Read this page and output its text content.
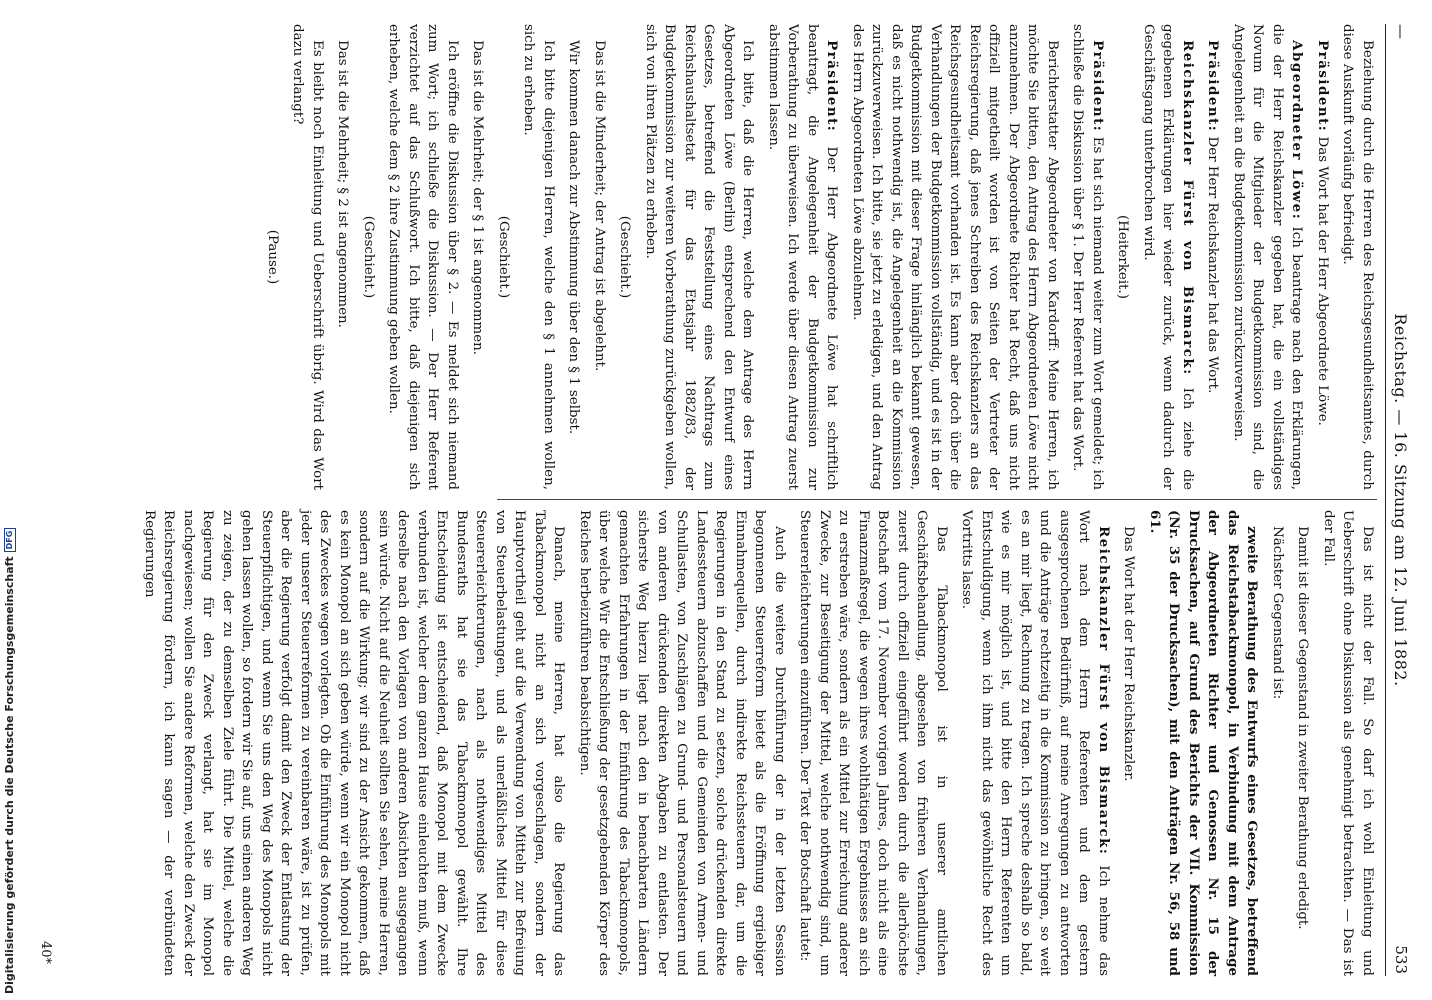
—
Reichstag. — 16. Sitzung am 12. Juni 1882.
533

Beziehung durch die Herren des Reichsgesundheitsamtes, durch diese Auskunft vorläufig befriedigt.

Präsident: Das Wort hat der Herr Abgeordnete Löwe.

Abgeordneter Löwe: Ich beantrage nach den Erklärungen, die der Herr Reichskanzler gegeben hat, die ein vollständiges Novum für die Mitglieder der Budgetkommission sind, die Angelegenheit an die Budgetkommission zurückzuverweisen.

Präsident: Der Herr Reichskanzler hat das Wort.

Reichskanzler Fürst von Bismarck: Ich ziehe die gegebenen Erklärungen hier wieder zurück, wenn dadurch der Geschäftsgang unterbrochen wird.

(Heiterkeit.)

Präsident: Es hat sich niemand weiter zum Wort gemeldet; ich schließe die Diskussion über § 1. Der Herr Referent hat das Wort.

Berichterstatter Abgeordneter von Kardorff: Meine Herren, ich möchte Sie bitten, den Antrag des Herrn Abgeordneten Löwe nicht anzunehmen. Der Abgeordnete Richter hat Recht, daß uns nicht offiziell mitgetheilt worden ist von Seiten der Vertreter der Reichsregierung, daß jenes Schreiben des Reichskanzlers an das Reichsgesundheitsamt vorhanden ist. Es kann aber doch über die Verhandlungen der Budgetkommission vollständig, und es ist in der Budgetkommission mit dieser Frage hinlänglich bekannt gewesen, daß es nicht nothwendig ist, die Angelegenheit an die Kommission zurückzuverweisen. Ich bitte, sie jetzt zu erledigen, und den Antrag des Herrn Abgeordneten Löwe abzulehnen.

Präsident: Der Herr Abgeordnete Löwe hat schriftlich beantragt, die Angelegenheit der Budgetkommission zur Vorberathung zu überweisen. Ich werde über diesen Antrag zuerst abstimmen lassen.

Ich bitte, daß die Herren, welche dem Antrage des Herrn Abgeordneten Löwe (Berlin) entsprechend den Entwurf eines Gesetzes, betreffend die Feststellung eines Nachtrags zum Reichshaushaltsetat für das Etatsjahr 1882/83, der Budgetkommission zur weiteren Vorberathung zurückgeben wollen, sich von ihren Plätzen zu erheben.

(Geschieht.)

Das ist die Minderheit; der Antrag ist abgelehnt.

Wir kommen danach zur Abstimmung über den § 1 selbst.

Ich bitte diejenigen Herren, welche den § 1 annehmen wollen, sich zu erheben.

(Geschieht.)

Das ist die Mehrheit; der § 1 ist angenommen.

Ich eröffne die Diskussion über § 2. — Es meldet sich niemand zum Wort; ich schließe die Diskussion. — Der Herr Referent verzichtet auf das Schlußwort. Ich bitte, daß diejenigen sich erheben, welche dem § 2 ihre Zustimmung geben wollen.

(Geschieht.)

Das ist die Mehrheit; § 2 ist angenommen.

Es bleibt noch Einleitung und Ueberschrift übrig. Wird das Wort dazu verlangt?

(Pause.)

Das ist nicht der Fall. So darf ich wohl Einleitung und Ueberschrift ohne Diskussion als genehmigt betrachten. — Das ist der Fall.

Damit ist dieser Gegenstand in zweiter Berathung erledigt.

Nächster Gegenstand ist:

zweite Berathung des Entwurfs eines Gesetzes, betreffend das Reichstabackmonopol, in Verbindung mit dem Antrage der Abgeordneten Richter und Genossen Nr. 15 der Drucksachen, auf Grund des Berichts der VII. Kommission (Nr. 35 der Drucksachen), mit den Anträgen Nr. 56, 58 und 61.

Das Wort hat der Herr Reichskanzler.

Reichskanzler Fürst von Bismarck: Ich nehme das Wort nach dem Herrn Referenten und dem gestern ausgesprochenen Bedürfniß, auf meine Anregungen zu antworten und die Anträge rechtzeitig in die Kommission zu bringen, so weit es an mir liegt, Rechnung zu tragen. Ich spreche deshalb so bald, wie es mir möglich ist, und bitte den Herrn Referenten um Entschuldigung, wenn ich ihm nicht das gewöhnliche Recht des Vortritts lasse.

Das Tabackmonopol ist in unserer amtlichen Geschäftsbehandlung, abgesehen von früheren Verhandlungen, zuerst durch offiziell eingeführt worden durch die allerhöchste Botschaft vom 17. November vorigen Jahres, doch nicht als eine Finanzmaßregel, die wegen ihres wohlthätigen Ergebnisses an sich zu erstreben wäre, sondern als ein Mittel zur Erreichung anderer Zwecke, zur Beseitigung der Mittel, welche nothwendig sind, um Steuererleichterungen einzuführen. Der Text der Botschaft lautet:

Auch die weitere Durchführung der in der letzten Session begonnenen Steuerreform bietet als die Eröffnung ergiebiger Einnahmequellen, durch indirekte Reichssteuern dar, um die Regierungen in den Stand zu setzen, solche drückenden direkte Landessteuern abzuschaffen und die Gemeinden von Armen- und Schullasten, von Zuschlägen zu Grund- und Personalsteuern und von anderen drückenden direkten Abgaben zu entlasten. Der sicherste Weg hierzu liegt nach den in benachbarten Ländern gemachten Erfahrungen in der Einführung des Tabackmonopols, über welche Wir die Entschließung der gesetzgebenden Körper des Reiches herbeizuführen beabsichtigen.

Danach, meine Herren, hat also die Regierung das Tabackmonopol nicht an sich vorgeschlagen, sondern der Hauptvortheil geht auf die Verwendung von Mitteln zur Befreiung von Steuerbelastungen, und als unerläßliches Mittel für diese Steuererleichterungen, nach als nothwendiges Mittel des Bundesraths hat sie das Tabackmonopol gewählt. Ihre Entscheidung ist entscheidend, daß Monopol mit dem Zwecke verbunden ist, welcher dem ganzen Hause einleuchten muß, wenn derselbe nach den Vorlagen von anderen Absichten ausgegangen sein würde. Nicht auf die Neuheit sollten Sie sehen, meine Herren, sondern auf die Wirkung; wir sind zu der Ansicht gekommen, daß es kein Monopol an sich geben würde, wenn wir ein Monopol nicht des Zweckes wegen vorlegten. Ob die Einführung des Monopols mit jeder unserer Steuerreformen zu vereinbaren wäre, ist zu prüfen, aber die Regierung verfolgt damit den Zweck der Entlastung der Steuerpflichtigen, und wenn Sie uns den Weg des Monopols nicht gehen lassen wollen, so fordern wir Sie auf, uns einen anderen Weg zu zeigen, der zu demselben Ziele führt. Die Mittel, welche die Regierung für den Zweck verlangt, hat sie im Monopol nachgewiesen; wollen Sie andere Reformen, welche den Zweck der Reichsregierung fördern, ich kann sagen — der verbündeten Regierungen

40*
Digitalisierung gefördert durch die Deutsche Forschungsgemeinschaft
DFG
